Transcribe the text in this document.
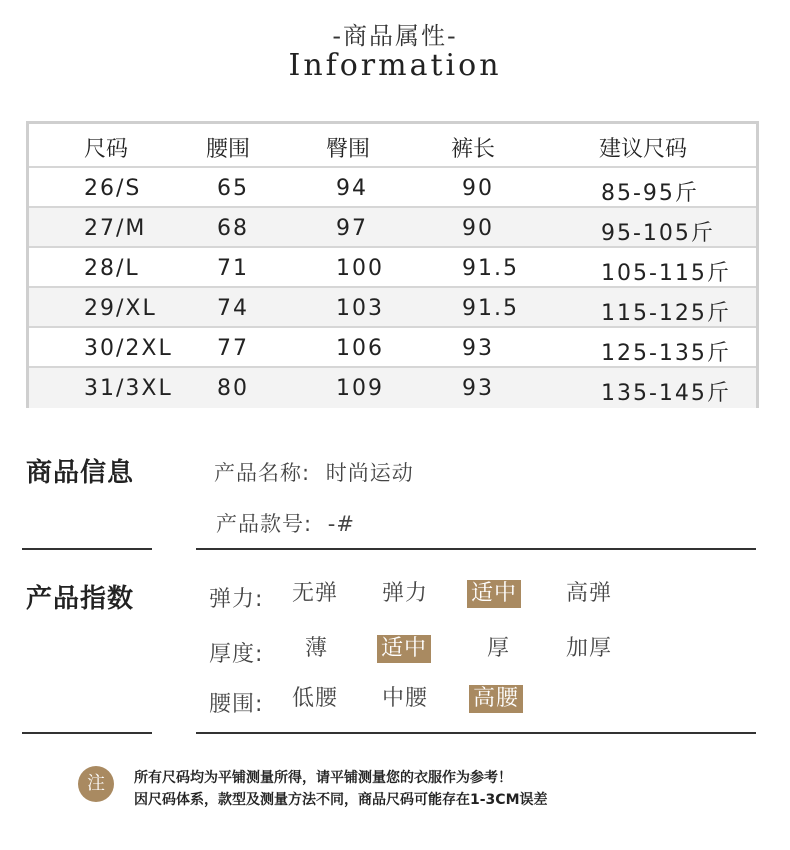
-商品属性-
Information
尺码	腰围	臀围	裤长	建议尺码
26/S	65	94	90	85-95斤
27/M	68	97	90	95-105斤
28/L	71	100	91.5	105-115斤
29/XL	74	103	91.5	115-125斤
30/2XL 77	106	93	125-135斤
31/3XL 80	109	93	135-145斤
商品信息	产品名称: 时尚运动
产品款号: -#
产品指数	弹力: 无弹 弹力 适中 高弹
厚度: 薄 适中	厚	加厚
腰围: 低腰 中腰 高腰
注	所有尺码均为平铺测量所得，请平铺测量您的衣服作为参考！
因尺码体系，款型及测量方法不同，商品尺码可能存在1-3CM误差
